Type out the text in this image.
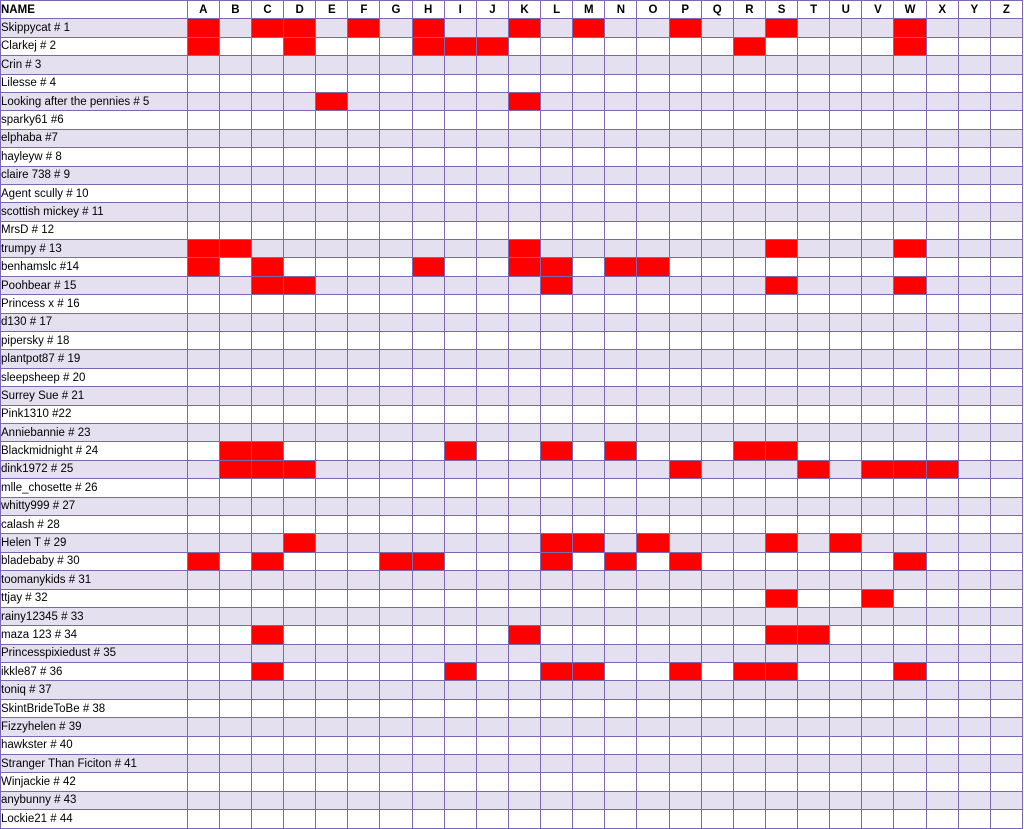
NAME	A	B	C	D	E	F	G	H	I	J	K	L	M	N	O	P	Q	R	S	T	U	V	W	X	Y	Z
Skippycat # 1																										
Clarkej # 2																										
Crin # 3																										
Lilesse # 4																										
Looking after the pennies # 5																										
sparky61 #6																										
elphaba #7																										
hayleyw # 8																										
claire 738 # 9																										
Agent scully # 10																										
scottish mickey # 11																										
MrsD # 12																										
trumpy # 13																										
benhamslc #14																										
Poohbear # 15																										
Princess x # 16																										
d130 # 17																										
pipersky # 18																										
plantpot87 # 19																										
sleepsheep # 20																										
Surrey Sue # 21																										
Pink1310 #22																										
Anniebannie # 23																										
Blackmidnight # 24																										
dink1972 # 25																										
mlle_chosette # 26																										
whitty999 # 27																										
calash # 28																										
Helen T # 29																										
bladebaby # 30																										
toomanykids # 31																										
ttjay # 32																										
rainy12345 # 33																										
maza 123 # 34																										
Princesspixiedust # 35																										
ikkle87 # 36																										
toniq # 37																										
SkintBrideToBe # 38																										
Fizzyhelen # 39																										
hawkster # 40																										
Stranger Than Ficiton # 41																										
Winjackie # 42																										
anybunny # 43																										
Lockie21 # 44																										
